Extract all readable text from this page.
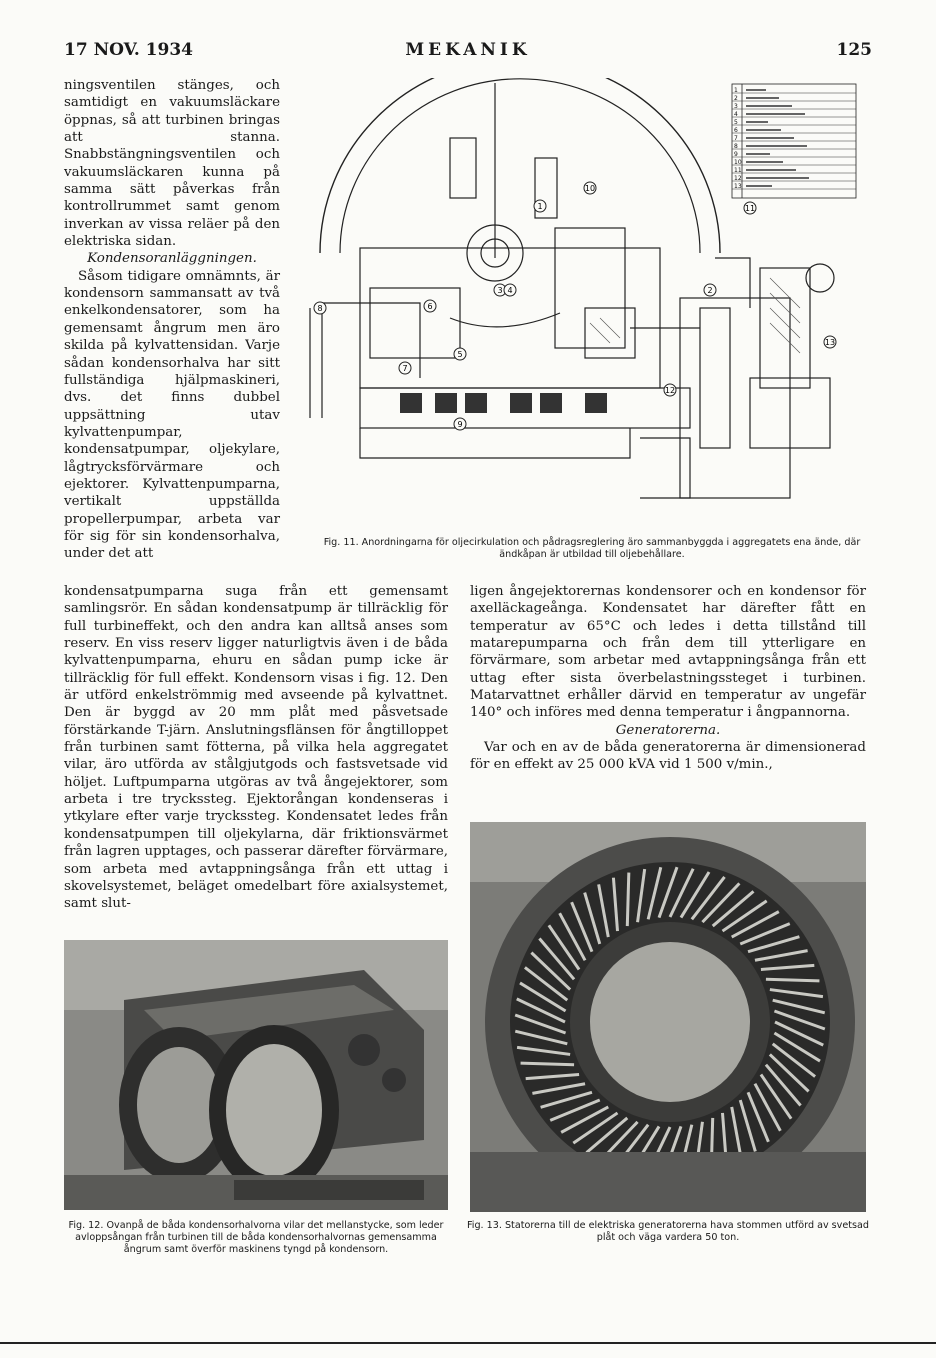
17 NOV. 1934	MEKANIK	125

ningsventilen stänges, och samtidigt en vakuumsläckare öppnas, så att turbinen bringas att stanna. Snabbstängningsventilen och vakuumsläckaren kunna på samma sätt påverkas från kontrollrummet samt genom inverkan av vissa reläer på den elektriska sidan.

Kondensoranläggningen.

Såsom tidigare omnämnts, är kondensorn sammansatt av två enkelkondensatorer, som ha gemensamt ångrum men äro skilda på kylvattensidan. Varje sådan kondensorhalva har sitt fullständiga hjälpmaskineri, dvs. det finns dubbel uppsättning utav kylvattenpumpar, kondensatpumpar, oljekylare, lågtrycksförvärmare och ejektorer. Kylvattenpumparna, vertikalt uppställda propellerpumpar, arbeta var för sig för sin kondensorhalva, under det att

kondensatpumparna suga från ett gemensamt samlingsrör. En sådan kondensatpump är tillräcklig för full turbineffekt, och den andra kan alltså anses som reserv. En viss reserv ligger naturligtvis även i de båda kylvattenpumparna, ehuru en sådan pump icke är tillräcklig för full effekt. Kondensorn visas i fig. 12. Den är utförd enkelströmmig med avseende på kylvattnet. Den är byggd av 20 mm plåt med påsvetsade förstärkande T-järn. Anslutningsflänsen för ångtilloppet från turbinen samt fötterna, på vilka hela aggregatet vilar, äro utförda av stålgjutgods och fastsvetsade vid höljet. Luftpumparna utgöras av två ångejektorer, som arbeta i tre tryckssteg. Ejektorångan kondenseras i ytkylare efter varje tryckssteg. Kondensatet ledes från kondensatpumpen till oljekylarna, där friktionsvärmet från lagren upptages, och passerar därefter förvärmare, som arbeta med avtappningsånga från ett uttag i skovelsystemet, beläget omedelbart före axialsystemet, samt slut-

ligen ångejektorernas kondensorer och en kondensor för axelläckageånga. Kondensatet har därefter fått en temperatur av 65°C och ledes i detta tillstånd till matarepumparna och från dem till ytterligare en förvärmare, som arbetar med avtappningsånga från ett uttag efter sista överbelastningssteget i turbinen. Matarvattnet erhåller därvid en temperatur av ungefär 140° och införes med denna temperatur i ångpannorna.

Generatorerna.

Var och en av de båda generatorerna är dimensionerad för en effekt av 25 000 kVA vid 1 500 v/min.,

1
2
3
4
5
6
7
8
9
10
11
12
13
1
2
3 4
5
6
7
8
9
10
11
12
13
Fig. 11. Anordningarna för oljecirkulation och pådragsreglering äro sammanbyggda i aggregatets ena ände, där ändkåpan är utbildad till oljebehållare.
Fig. 12. Ovanpå de båda kondensorhalvorna vilar det mellanstycke, som leder avloppsångan från turbinen till de båda kondensorhalvornas gemensamma ångrum samt överför maskinens tyngd på kondensorn.
Fig. 13. Statorerna till de elektriska generatorerna hava stommen utförd av svetsad plåt och väga vardera 50 ton.
